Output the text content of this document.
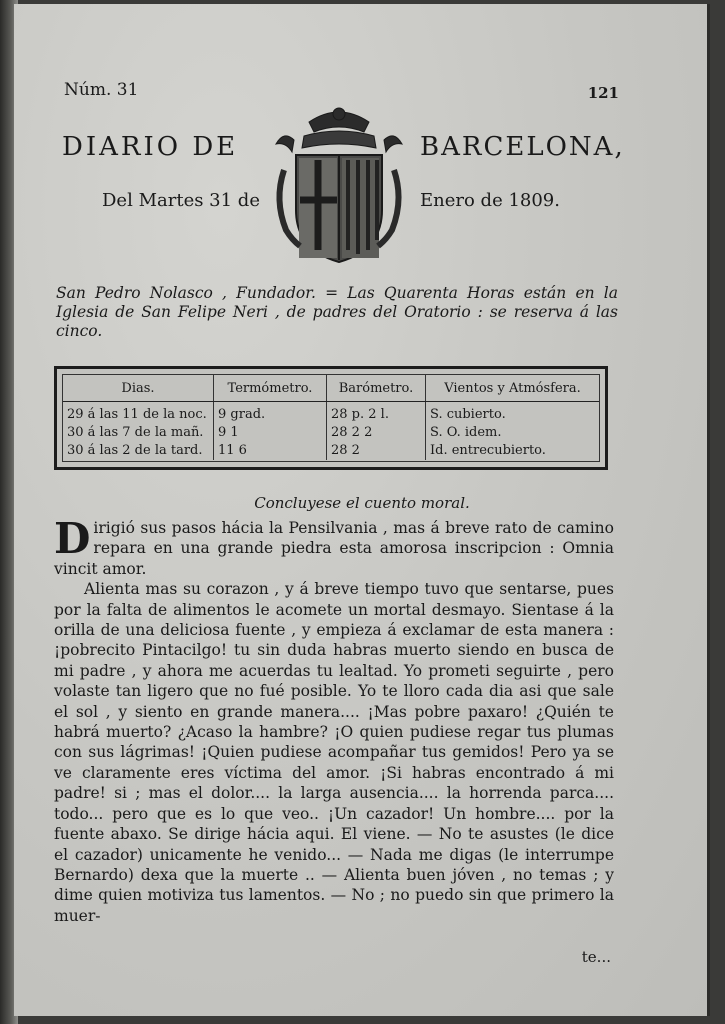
Núm. 31	121
DIARIO DE	BARCELONA,
Del Martes 31 de	Enero de 1809.
San Pedro Nolasco , Fundador. = Las Quarenta Horas están en la Iglesia de San Felipe Neri , de padres del Oratorio : se reserva á las cinco.
Dias.	Termómetro.	Barómetro.	Vientos y Atmósfera.
29 á las 11 de la noc.	9 grad.	28 p. 2 l.	S. cubierto.
30 á las 7 de la mañ.	9 1	28 2 2	S. O. idem.
30 á las 2 de la tard.	11 6	28 2	Id. entrecubierto.
Concluyese el cuento moral.

Dirigió sus pasos hácia la Pensilvania , mas á breve rato de camino repara en una grande piedra esta amorosa inscripcion : Omnia vincit amor.

Alienta mas su corazon , y á breve tiempo tuvo que sentarse, pues por la falta de alimentos le acomete un mortal desmayo. Sientase á la orilla de una deliciosa fuente , y empieza á exclamar de esta manera : ¡pobrecito Pintacilgo! tu sin duda habras muerto siendo en busca de mi padre , y ahora me acuerdas tu lealtad. Yo prometi seguirte , pero volaste tan ligero que no fué posible. Yo te lloro cada dia asi que sale el sol , y siento en grande manera.... ¡Mas pobre paxaro! ¿Quién te habrá muerto? ¿Acaso la hambre? ¡O quien pudiese regar tus plumas con sus lágrimas! ¡Quien pudiese acompañar tus gemidos! Pero ya se ve claramente eres víctima del amor. ¡Si habras encontrado á mi padre! si ; mas el dolor.... la larga ausencia.... la horrenda parca.... todo... pero que es lo que veo.. ¡Un cazador! Un hombre.... por la fuente abaxo. Se dirige hácia aqui. El viene. — No te asustes (le dice el cazador) unicamente he venido... — Nada me digas (le interrumpe Bernardo) dexa que la muerte .. — Alienta buen jóven , no temas ; y dime quien motiviza tus lamentos. — No ; no puedo sin que primero la muer-

te...
